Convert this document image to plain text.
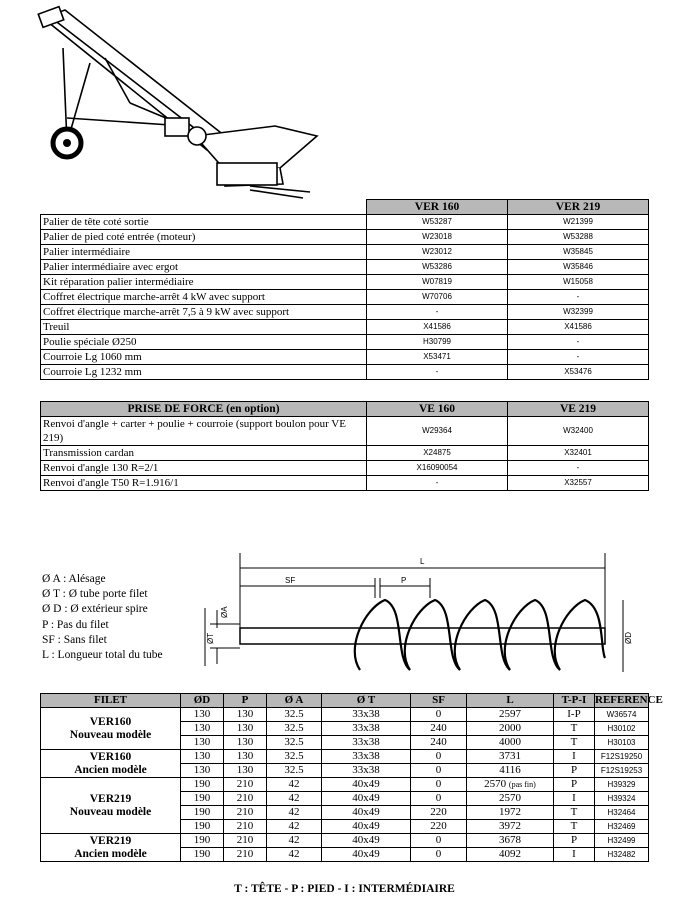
	VER 160	VER 219
Palier de tête coté sortie	W53287	W21399
Palier de pied coté entrée (moteur)	W23018	W53288
Palier intermédiaire	W23012	W35845
Palier intermédiaire avec ergot	W53286	W35846
Kit réparation palier intermédiaire	W07819	W15058
Coffret électrique marche-arrêt 4 kW avec support	W70706	-
Coffret électrique marche-arrêt 7,5 à 9 kW avec support	-	W32399
Treuil	X41586	X41586
Poulie spéciale Ø250	H30799	-
Courroie Lg 1060 mm	X53471	-
Courroie Lg 1232 mm	-	X53476
PRISE DE FORCE (en option)	VE 160	VE 219
Renvoi d'angle + carter + poulie + courroie (support boulon pour VE 219)	W29364	W32400
Transmission cardan	X24875	X32401
Renvoi d'angle 130 R=2/1	X16090054	-
Renvoi d'angle T50 R=1.916/1	-	X32557
Ø A : Alésage
Ø T : Ø tube porte filet
Ø D : Ø extérieur spire
P : Pas du filet
SF : Sans filet
L : Longueur total du tube
L
SF	P
ØA
ØT	ØD
FILET	ØD	P	Ø A	Ø T	SF	L	T-P-I	REFERENCE

VER160
Nouveau modèle	130	130	32.5	33x38	0	2597	I-P	W36574
	130	130	32.5	33x38	240	2000	T	H30102
	130	130	32.5	33x38	240	4000	T	H30103

VER160
Ancien modèle	130	130	32.5	33x38	0	3731	I	F12S19250
	130	130	32.5	33x38	0	4116	P	F12S19253

VER219
Nouveau modèle	190	210	42	40x49	0	2570 (pas fin)	P	H39329
	190	210	42	40x49	0	2570	I	H39324
	190	210	42	40x49	220	1972	T	H32464
	190	210	42	40x49	220	3972	T	H32469

VER219
Ancien modèle	190	210	42	40x49	0	3678	P	H32499
	190	210	42	40x49	0	4092	I	H32482
T : TÊTE - P : PIED - I : INTERMÉDIAIRE
